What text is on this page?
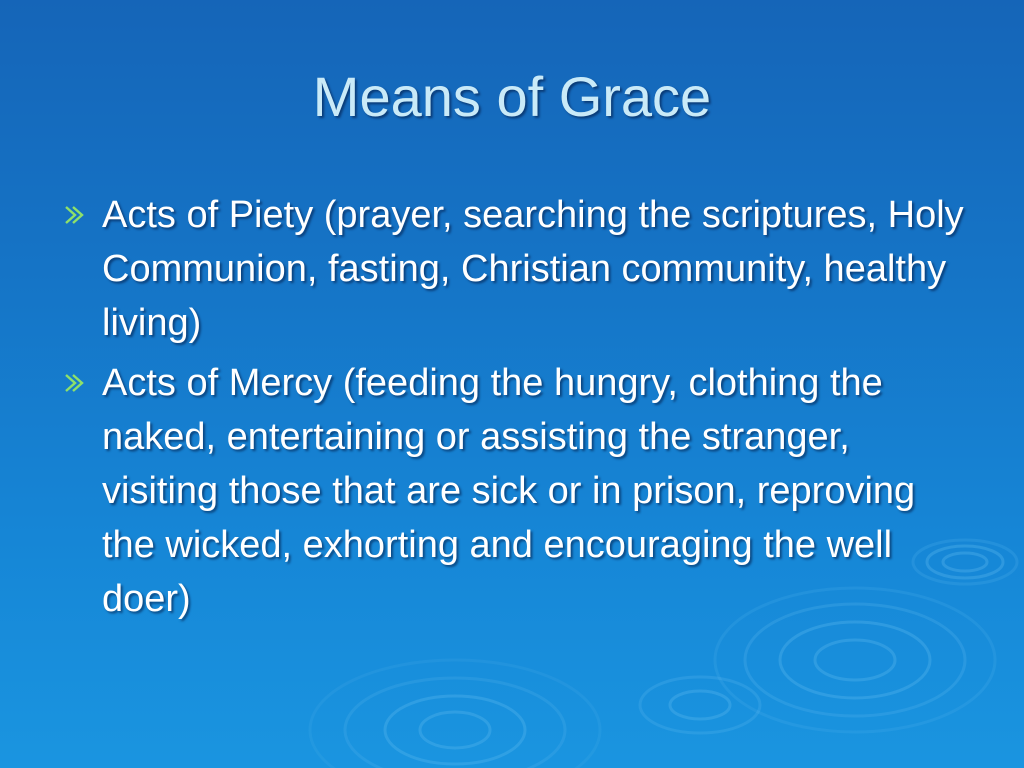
Means of Grace
Acts of Piety (prayer, searching the scriptures, Holy Communion, fasting, Christian community, healthy living)
Acts of Mercy (feeding the hungry, clothing the naked, entertaining or assisting the stranger, visiting those that are sick or in prison, reproving the wicked, exhorting and encouraging the well doer)
